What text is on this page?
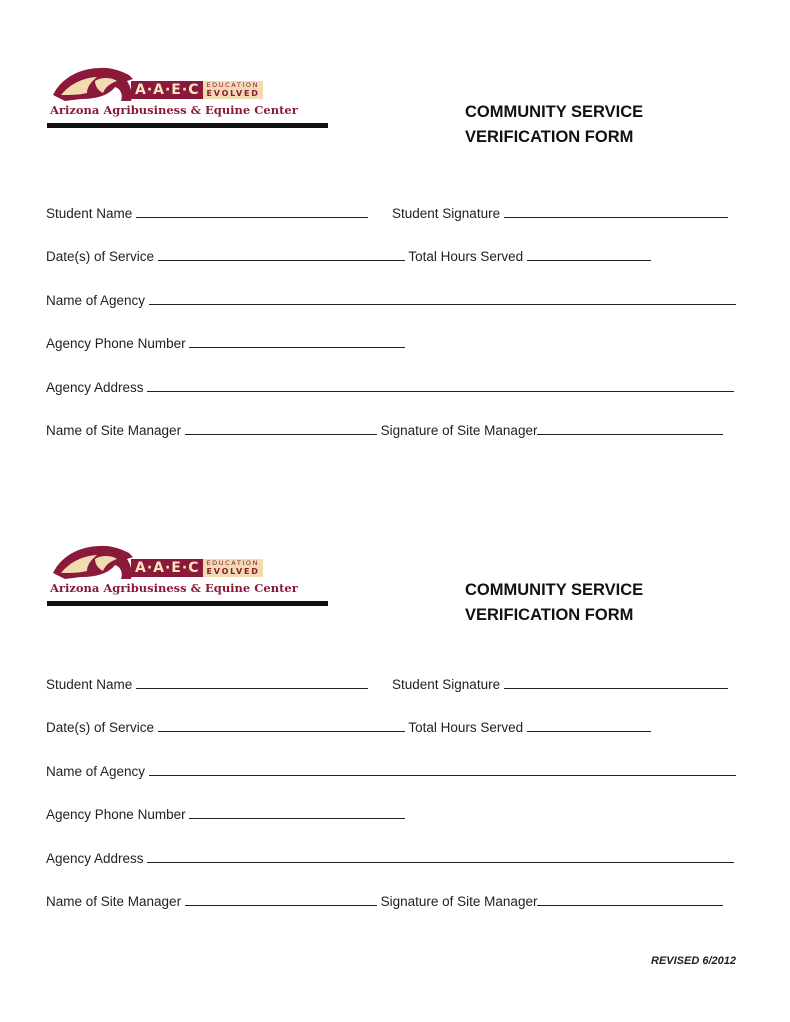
A·A·E·C	EDUCATION
EVOLVED
Arizona Agribusiness & Equine Center	COMMUNITY SERVICE
VERIFICATION FORM
Student Name	Student Signature
Date(s) of Service	Total Hours Served
Name of Agency
Agency Phone Number
Agency Address
Name of Site Manager	Signature of Site Manager
A·A·E·C	EDUCATION
EVOLVED
Arizona Agribusiness & Equine Center	COMMUNITY SERVICE
VERIFICATION FORM
Student Name	Student Signature
Date(s) of Service	Total Hours Served
Name of Agency
Agency Phone Number
Agency Address
Name of Site Manager	Signature of Site Manager
REVISED 6/2012
